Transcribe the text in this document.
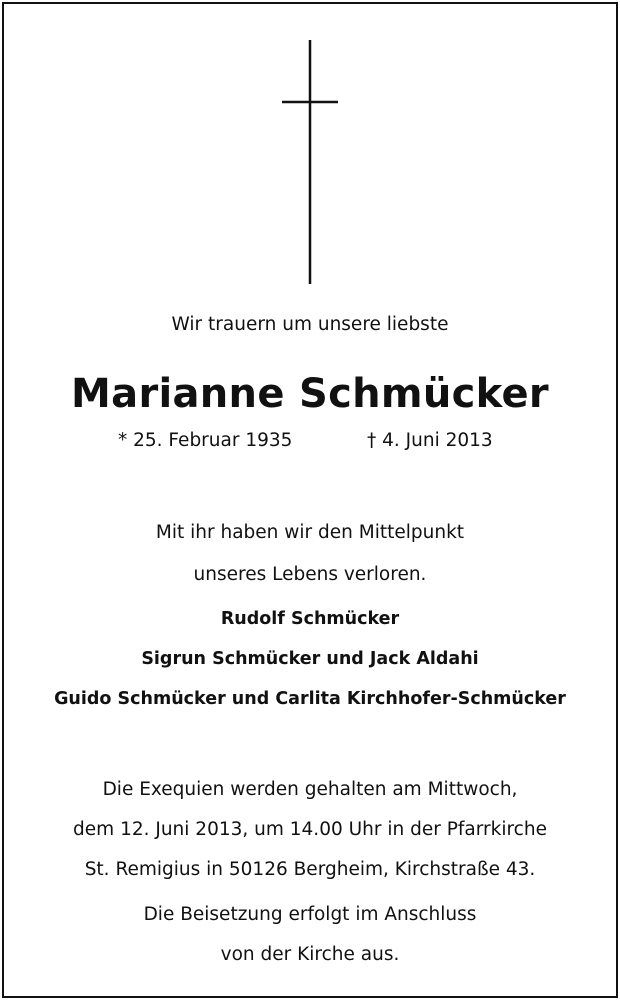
Wir trauern um unsere liebste
Marianne Schmücker
* 25. Februar 1935	† 4. Juni 2013
Mit ihr haben wir den Mittelpunkt
unseres Lebens verloren.
Rudolf Schmücker
Sigrun Schmücker und Jack Aldahi
Guido Schmücker und Carlita Kirchhofer-Schmücker
Die Exequien werden gehalten am Mittwoch,
dem 12. Juni 2013, um 14.00 Uhr in der Pfarrkirche
St. Remigius in 50126 Bergheim, Kirchstraße 43.
Die Beisetzung erfolgt im Anschluss
von der Kirche aus.
